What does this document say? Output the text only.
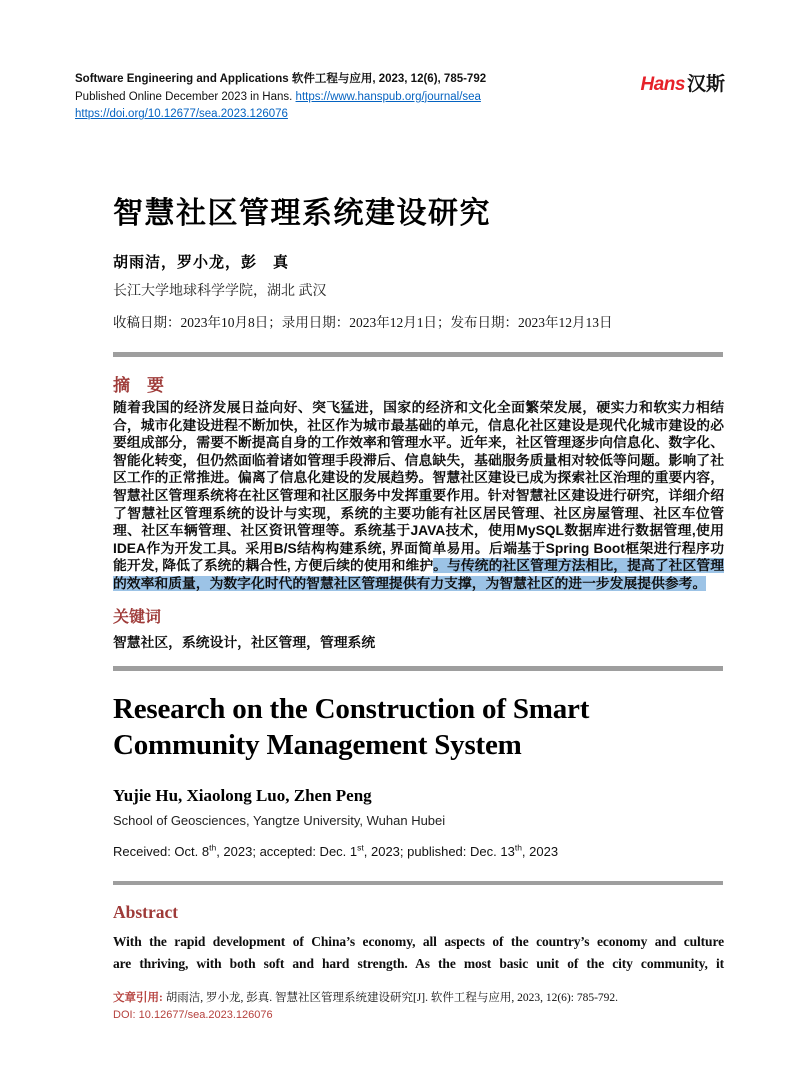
Software Engineering and Applications 软件工程与应用, 2023, 12(6), 785-792
Published Online December 2023 in Hans. https://www.hanspub.org/journal/sea
https://doi.org/10.12677/sea.2023.126076
Hans 汉斯
智慧社区管理系统建设研究
胡雨洁，罗小龙，彭　真
长江大学地球科学学院，湖北 武汉
收稿日期：2023年10月8日；录用日期：2023年12月1日；发布日期：2023年12月13日
摘　要
随着我国的经济发展日益向好、突飞猛进，国家的经济和文化全面繁荣发展，硬实力和软实力相结合，城市化建设进程不断加快，社区作为城市最基础的单元，信息化社区建设是现代化城市建设的必要组成部分，需要不断提高自身的工作效率和管理水平。近年来，社区管理逐步向信息化、数字化、智能化转变，但仍然面临着诸如管理手段滞后、信息缺失，基础服务质量相对较低等问题。影响了社区工作的正常推进。偏离了信息化建设的发展趋势。智慧社区建设已成为探索社区治理的重要内容，智慧社区管理系统将在社区管理和社区服务中发挥重要作用。针对智慧社区建设进行研究，详细介绍了智慧社区管理系统的设计与实现，系统的主要功能有社区居民管理、社区房屋管理、社区车位管理、社区车辆管理、社区资讯管理等。系统基于JAVA技术，使用MySQL数据库进行数据管理,使用IDEA作为开发工具。采用B/S结构构建系统, 界面简单易用。后端基于Spring Boot框架进行程序功能开发, 降低了系统的耦合性, 方便后续的使用和维护。与传统的社区管理方法相比，提高了社区管理的效率和质量，为数字化时代的智慧社区管理提供有力支撑，为智慧社区的进一步发展提供参考。
关键词
智慧社区，系统设计，社区管理，管理系统
Research on the Construction of Smart Community Management System
Yujie Hu, Xiaolong Luo, Zhen Peng
School of Geosciences, Yangtze University, Wuhan Hubei
Received: Oct. 8th, 2023; accepted: Dec. 1st, 2023; published: Dec. 13th, 2023
Abstract
With the rapid development of China’s economy, all aspects of the country’s economy and culture
are thriving, with both soft and hard strength. As the most basic unit of the city community, it
文章引用: 胡雨洁, 罗小龙, 彭真. 智慧社区管理系统建设研究[J]. 软件工程与应用, 2023, 12(6): 785-792.
DOI: 10.12677/sea.2023.126076
